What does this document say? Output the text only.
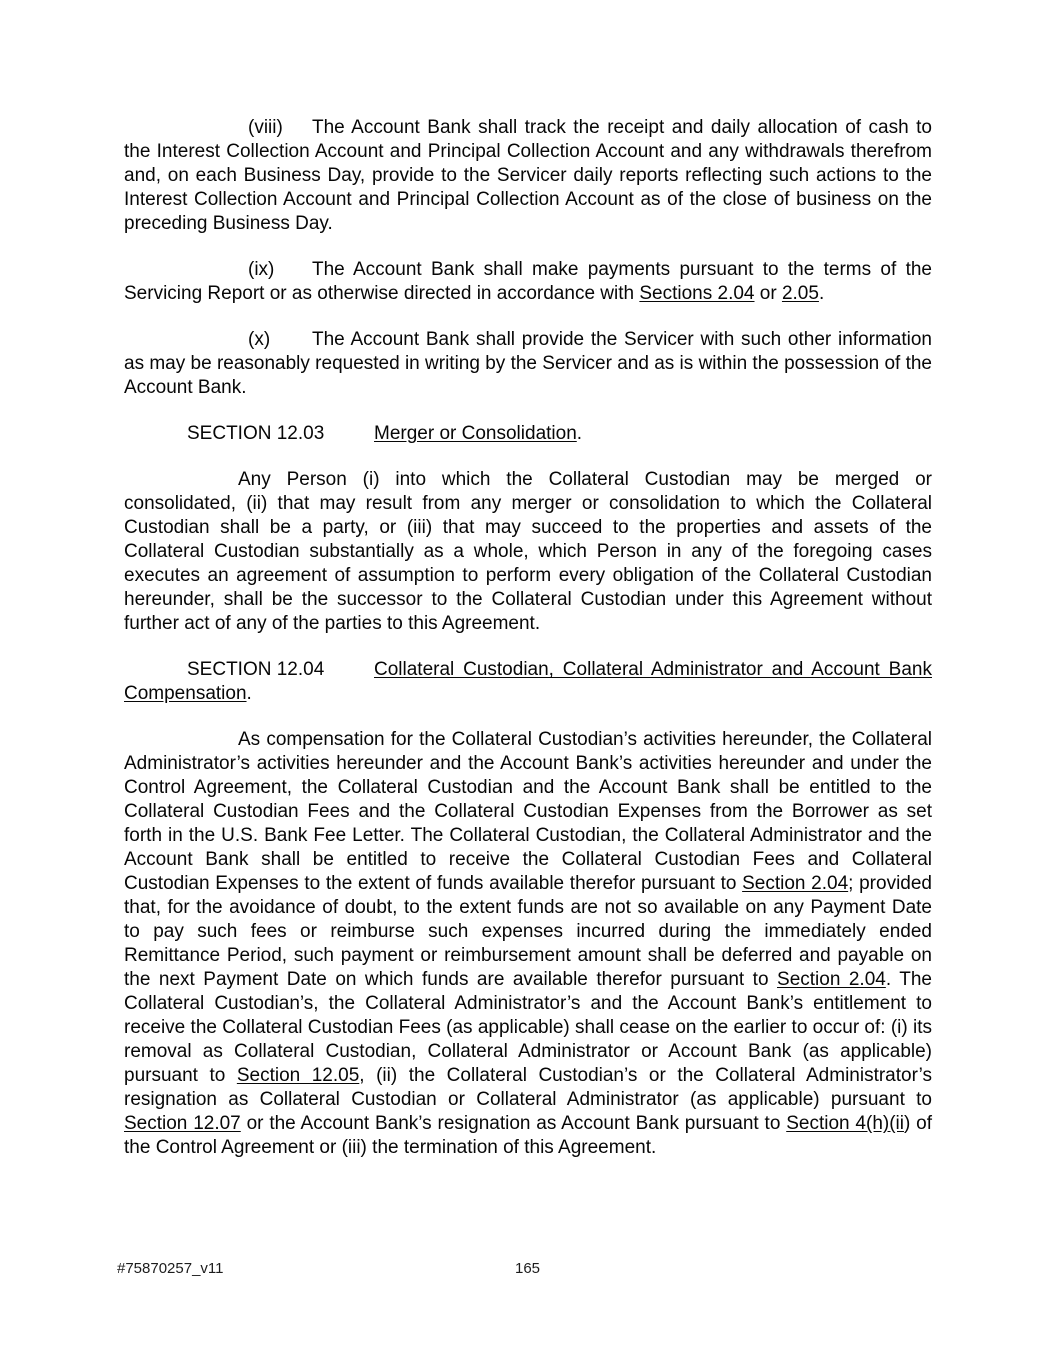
(viii) The Account Bank shall track the receipt and daily allocation of cash to the Interest Collection Account and Principal Collection Account and any withdrawals therefrom and, on each Business Day, provide to the Servicer daily reports reflecting such actions to the Interest Collection Account and Principal Collection Account as of the close of business on the preceding Business Day.

(ix) The Account Bank shall make payments pursuant to the terms of the Servicing Report or as otherwise directed in accordance with Sections 2.04 or 2.05.

(x) The Account Bank shall provide the Servicer with such other information as may be reasonably requested in writing by the Servicer and as is within the possession of the Account Bank.

SECTION 12.03	Merger or Consolidation.

Any Person (i) into which the Collateral Custodian may be merged or consolidated, (ii) that may result from any merger or consolidation to which the Collateral Custodian shall be a party, or (iii) that may succeed to the properties and assets of the Collateral Custodian substantially as a whole, which Person in any of the foregoing cases executes an agreement of assumption to perform every obligation of the Collateral Custodian hereunder, shall be the successor to the Collateral Custodian under this Agreement without further act of any of the parties to this Agreement.

SECTION 12.04	Collateral Custodian, Collateral Administrator and Account Bank Compensation.

As compensation for the Collateral Custodian’s activities hereunder, the Collateral Administrator’s activities hereunder and the Account Bank’s activities hereunder and under the Control Agreement, the Collateral Custodian and the Account Bank shall be entitled to the Collateral Custodian Fees and the Collateral Custodian Expenses from the Borrower as set forth in the U.S. Bank Fee Letter. The Collateral Custodian, the Collateral Administrator and the Account Bank shall be entitled to receive the Collateral Custodian Fees and Collateral Custodian Expenses to the extent of funds available therefor pursuant to Section 2.04; provided that, for the avoidance of doubt, to the extent funds are not so available on any Payment Date to pay such fees or reimburse such expenses incurred during the immediately ended Remittance Period, such payment or reimbursement amount shall be deferred and payable on the next Payment Date on which funds are available therefor pursuant to Section 2.04. The Collateral Custodian’s, the Collateral Administrator’s and the Account Bank’s entitlement to receive the Collateral Custodian Fees (as applicable) shall cease on the earlier to occur of: (i) its removal as Collateral Custodian, Collateral Administrator or Account Bank (as applicable) pursuant to Section 12.05, (ii) the Collateral Custodian’s or the Collateral Administrator’s resignation as Collateral Custodian or Collateral Administrator (as applicable) pursuant to Section 12.07 or the Account Bank’s resignation as Account Bank pursuant to Section 4(h)(ii) of the Control Agreement or (iii) the termination of this Agreement.

#75870257_v11	165
